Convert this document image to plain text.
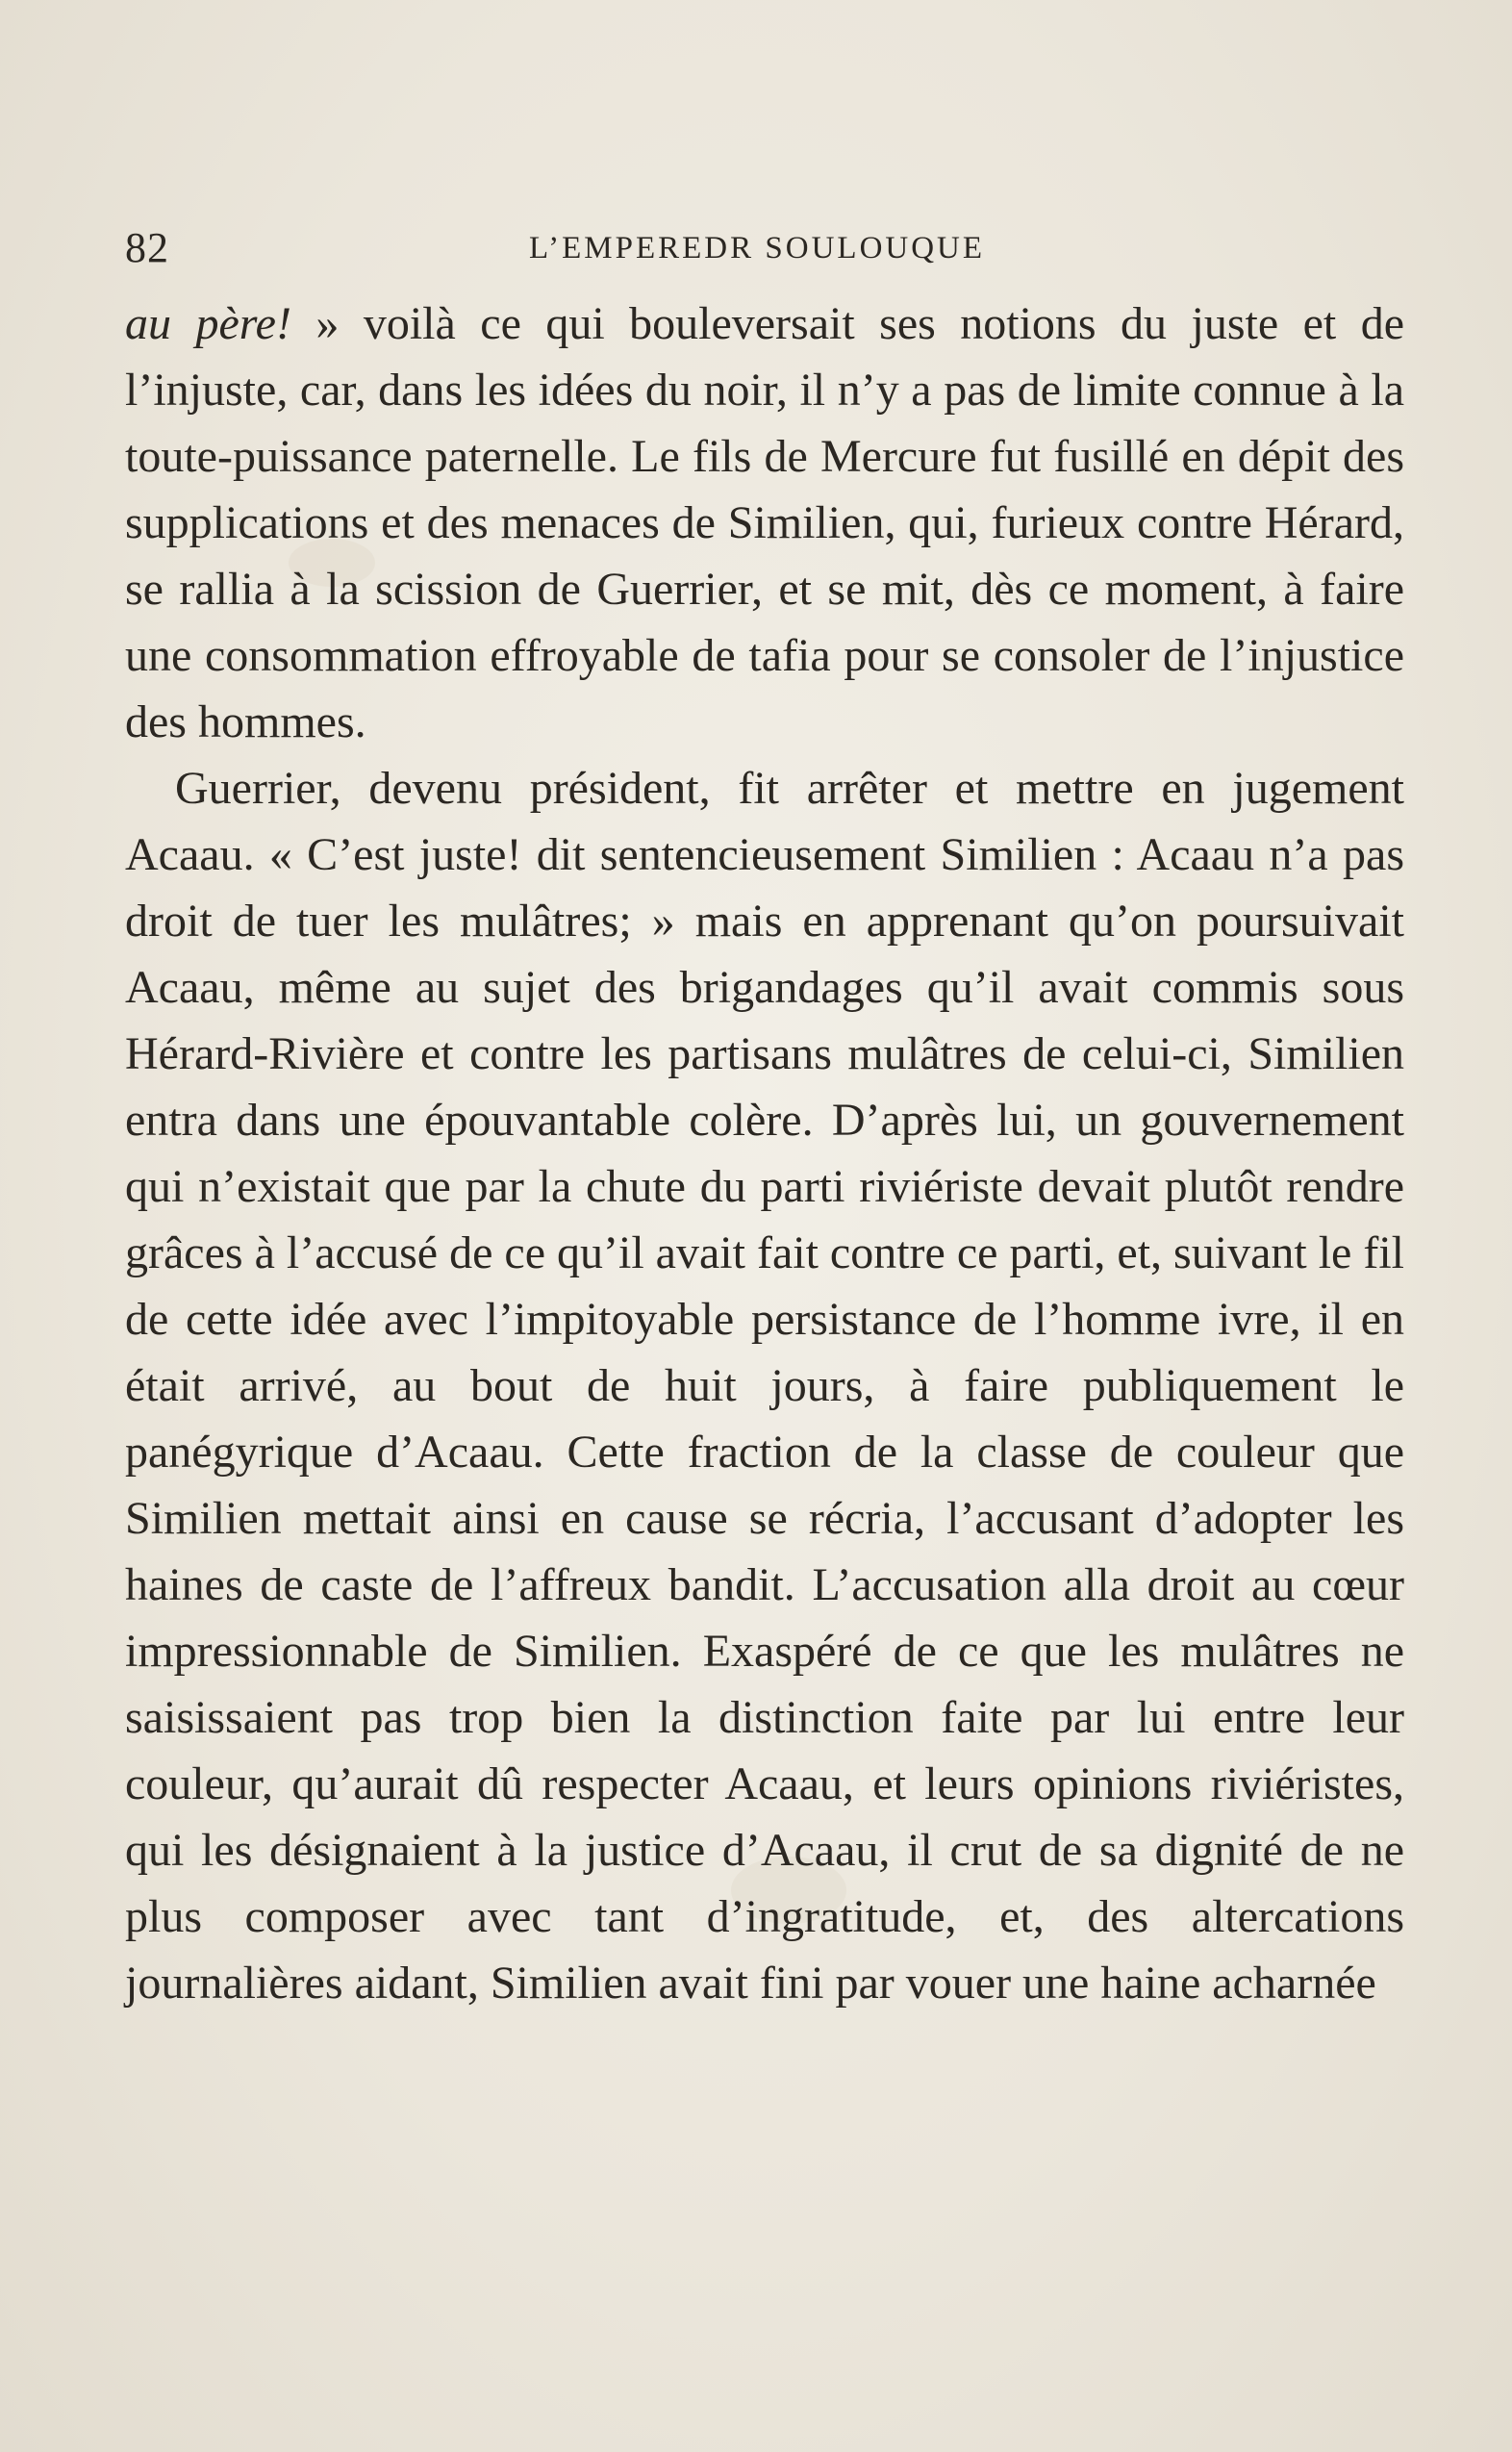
82	L’EMPEREDR SOULOUQUE

au père! » voilà ce qui bouleversait ses notions du juste et de l’injuste, car, dans les idées du noir, il n’y a pas de limite connue à la toute-puissance paternelle. Le fils de Mercure fut fusillé en dépit des supplications et des menaces de Similien, qui, furieux contre Hérard, se rallia à la scission de Guerrier, et se mit, dès ce moment, à faire une consommation effroyable de tafia pour se consoler de l’injustice des hommes.

Guerrier, devenu président, fit arrêter et mettre en jugement Acaau. « C’est juste! dit sentencieusement Similien : Acaau n’a pas droit de tuer les mulâtres; » mais en apprenant qu’on poursuivait Acaau, même au sujet des brigandages qu’il avait commis sous Hérard-Rivière et contre les partisans mulâtres de celui-ci, Similien entra dans une épouvantable colère. D’après lui, un gouvernement qui n’existait que par la chute du parti riviériste devait plutôt rendre grâces à l’accusé de ce qu’il avait fait contre ce parti, et, suivant le fil de cette idée avec l’impitoyable persistance de l’homme ivre, il en était arrivé, au bout de huit jours, à faire publiquement le panégyrique d’Acaau. Cette fraction de la classe de couleur que Similien mettait ainsi en cause se récria, l’accusant d’adopter les haines de caste de l’affreux bandit. L’accusation alla droit au cœur impressionnable de Similien. Exaspéré de ce que les mulâtres ne saisissaient pas trop bien la distinction faite par lui entre leur couleur, qu’aurait dû respecter Acaau, et leurs opinions riviéristes, qui les désignaient à la justice d’Acaau, il crut de sa dignité de ne plus composer avec tant d’ingratitude, et, des altercations journalières aidant, Similien avait fini par vouer une haine acharnée
